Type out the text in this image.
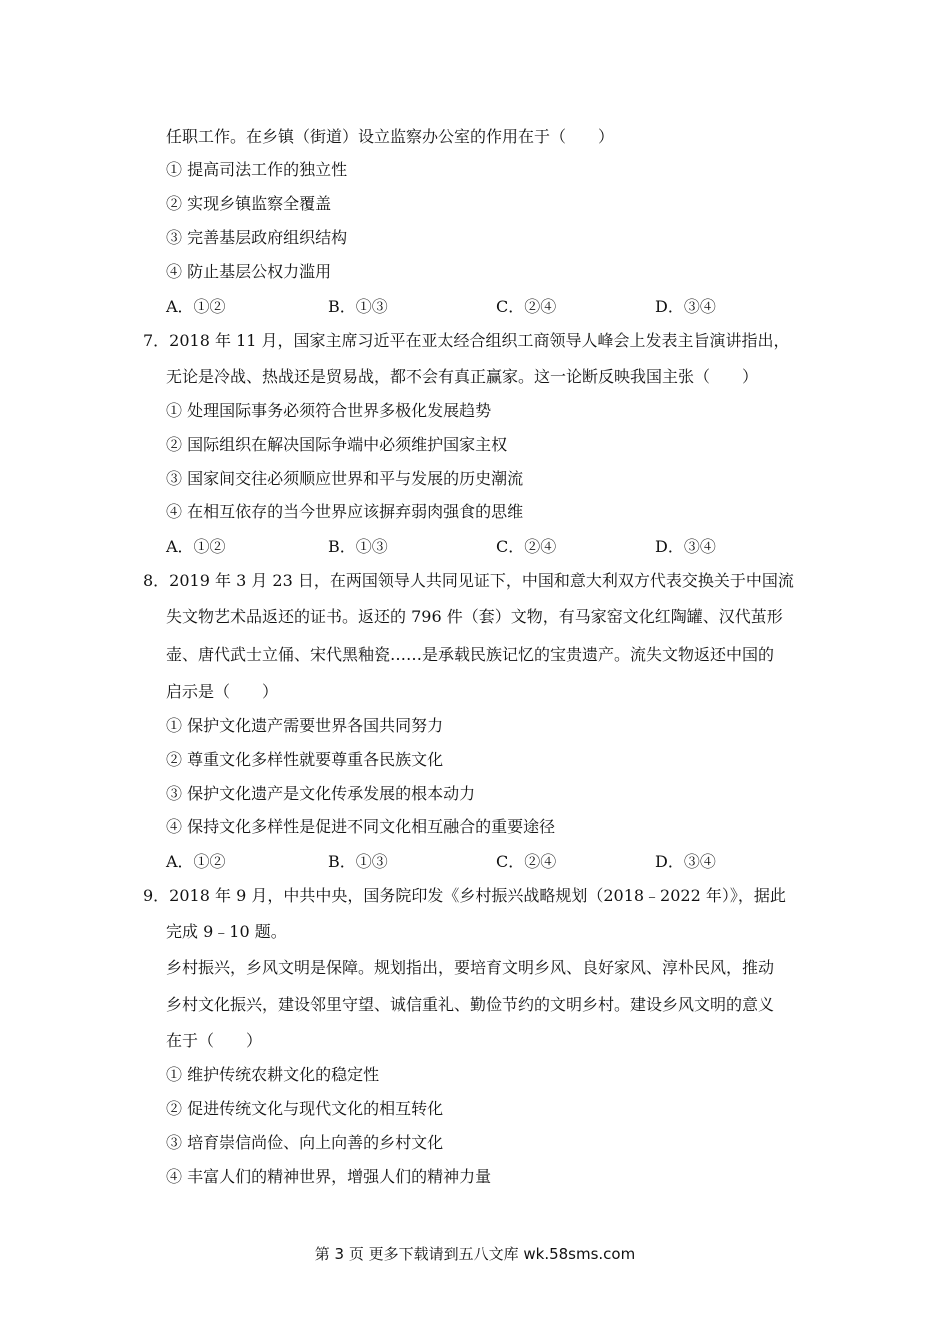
任职工作。在乡镇（街道）设立监察办公室的作用在于（　　）
① 提高司法工作的独立性
② 实现乡镇监察全覆盖
③ 完善基层政府组织结构
④ 防止基层公权力滥用
A．①②	B．①③	C．②④	D．③④
7．2018 年 11 月，国家主席习近平在亚太经合组织工商领导人峰会上发表主旨演讲指出，
无论是冷战、热战还是贸易战，都不会有真正赢家。这一论断反映我国主张（　　）
① 处理国际事务必须符合世界多极化发展趋势
② 国际组织在解决国际争端中必须维护国家主权
③ 国家间交往必须顺应世界和平与发展的历史潮流
④ 在相互依存的当今世界应该摒弃弱肉强食的思维
A．①②	B．①③	C．②④	D．③④
8．2019 年 3 月 23 日，在两国领导人共同见证下，中国和意大利双方代表交换关于中国流
失文物艺术品返还的证书。返还的 796 件（套）文物，有马家窑文化红陶罐、汉代茧形
壶、唐代武士立俑、宋代黑釉瓷……是承载民族记忆的宝贵遗产。流失文物返还中国的
启示是（　　）
① 保护文化遗产需要世界各国共同努力
② 尊重文化多样性就要尊重各民族文化
③ 保护文化遗产是文化传承发展的根本动力
④ 保持文化多样性是促进不同文化相互融合的重要途径
A．①②	B．①③	C．②④	D．③④
9．2018 年 9 月，中共中央，国务院印发《乡村振兴战略规划（2018﹣2022 年）》，据此
完成 9﹣10 题。
乡村振兴，乡风文明是保障。规划指出，要培育文明乡风、良好家风、淳朴民风，推动
乡村文化振兴，建设邻里守望、诚信重礼、勤俭节约的文明乡村。建设乡风文明的意义
在于（　　）
① 维护传统农耕文化的稳定性
② 促进传统文化与现代文化的相互转化
③ 培育崇信尚俭、向上向善的乡村文化
④ 丰富人们的精神世界，增强人们的精神力量
第 3 页 更多下载请到五八文库 wk.58sms.com
